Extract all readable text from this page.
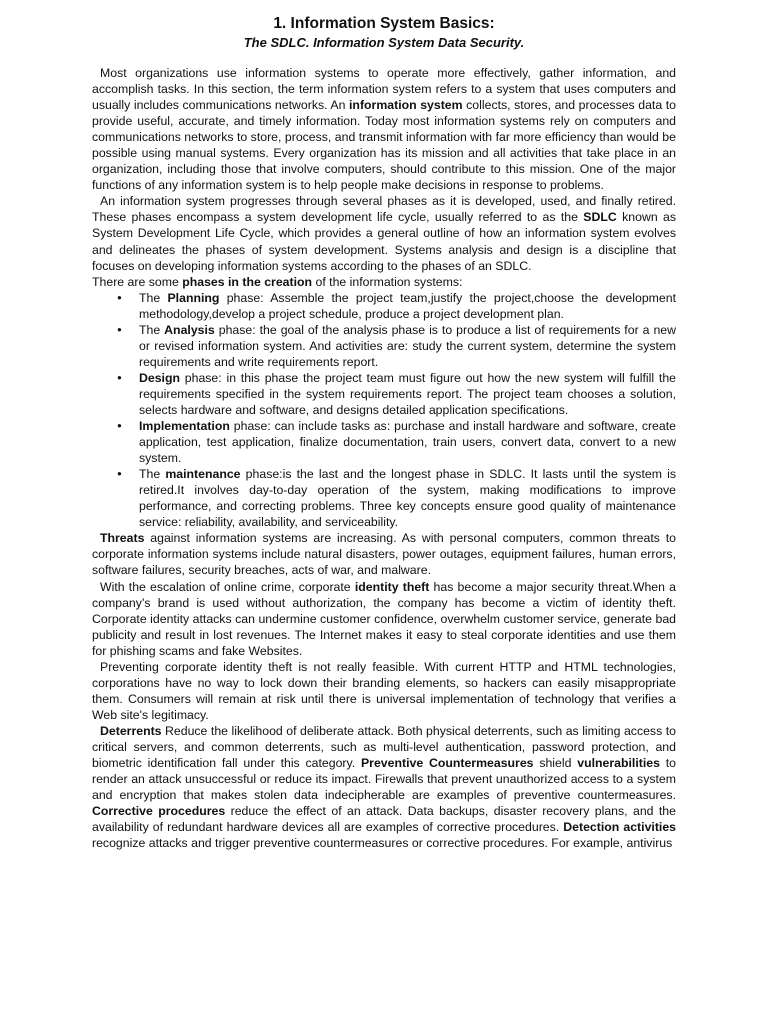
1. Information System Basics:
The SDLC. Information System Data Security.

Most organizations use information systems to operate more effectively, gather information, and accomplish tasks. In this section, the term information system refers to a system that uses computers and usually includes communications networks. An information system collects, stores, and processes data to provide useful, accurate, and timely information. Today most information systems rely on computers and communications networks to store, process, and transmit information with far more efficiency than would be possible using manual systems. Every organization has its mission and all activities that take place in an organization, including those that involve computers, should contribute to this mission. One of the major functions of any information system is to help people make decisions in response to problems.

An information system progresses through several phases as it is developed, used, and finally retired. These phases encompass a system development life cycle, usually referred to as the SDLC known as System Development Life Cycle, which provides a general outline of how an information system evolves and delineates the phases of system development. Systems analysis and design is a discipline that focuses on developing information systems according to the phases of an SDLC.

There are some phases in the creation of the information systems:

● The Planning phase: Assemble the project team,justify the project,choose the development methodology,develop a project schedule, produce a project development plan.
● The Analysis phase: the goal of the analysis phase is to produce a list of requirements for a new or revised information system. And activities are: study the current system, determine the system requirements and write requirements report.
● Design phase: in this phase the project team must figure out how the new system will fulfill the requirements specified in the system requirements report. The project team chooses a solution, selects hardware and software, and designs detailed application specifications.
● Implementation phase: can include tasks as: purchase and install hardware and software, create application, test application, finalize documentation, train users, convert data, convert to a new system.
● The maintenance phase:is the last and the longest phase in SDLC. It lasts until the system is retired.It involves day-to-day operation of the system, making modifications to improve performance, and correcting problems. Three key concepts ensure good quality of maintenance service: reliability, availability, and serviceability.

Threats against information systems are increasing. As with personal computers, common threats to corporate information systems include natural disasters, power outages, equipment failures, human errors, software failures, security breaches, acts of war, and malware.

With the escalation of online crime, corporate identity theft has become a major security threat.When a company’s brand is used without authorization, the company has become a victim of identity theft. Corporate identity attacks can undermine customer confidence, overwhelm customer service, generate bad publicity and result in lost revenues. The Internet makes it easy to steal corporate identities and use them for phishing scams and fake Websites.

Preventing corporate identity theft is not really feasible. With current HTTP and HTML technologies, corporations have no way to lock down their branding elements, so hackers can easily misappropriate them. Consumers will remain at risk until there is universal implementation of technology that verifies a Web site's legitimacy.

Deterrents Reduce the likelihood of deliberate attack. Both physical deterrents, such as limiting access to critical servers, and common deterrents, such as multi-level authentication, password protection, and biometric identification fall under this category. Preventive Countermeasures shield vulnerabilities to render an attack unsuccessful or reduce its impact. Firewalls that prevent unauthorized access to a system and encryption that makes stolen data indecipherable are examples of preventive countermeasures. Corrective procedures reduce the effect of an attack. Data backups, disaster recovery plans, and the availability of redundant hardware devices all are examples of corrective procedures. Detection activities recognize attacks and trigger preventive countermeasures or corrective procedures. For example, antivirus
